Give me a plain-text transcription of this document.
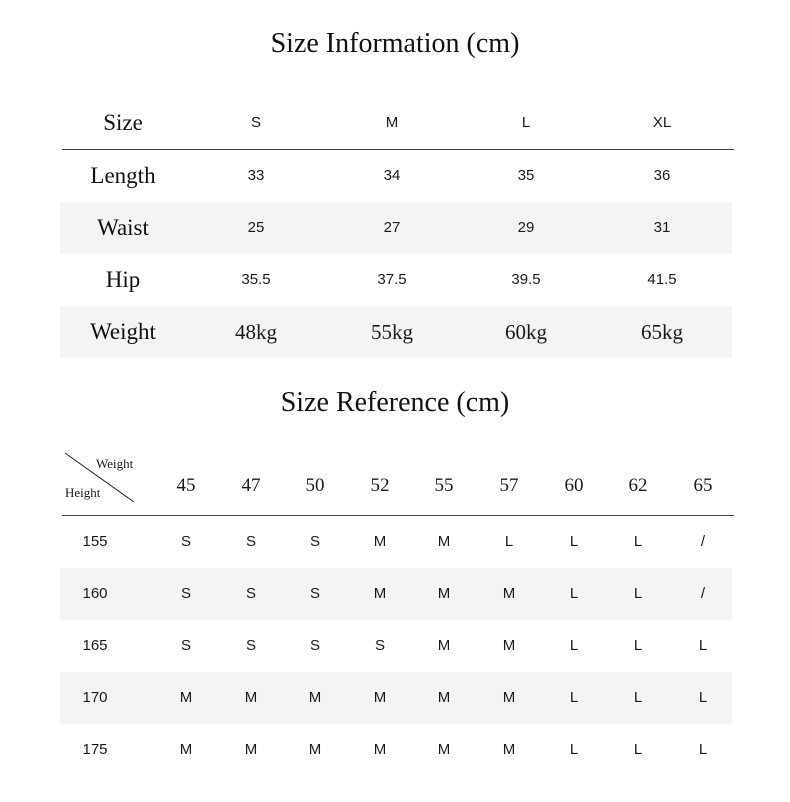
Size Information (cm)
Size	S	M	L	XL
Length	33	34	35	36
Waist	25	27	29	31
Hip	35.5	37.5	39.5	41.5
Weight	48kg	55kg	60kg	65kg
Size Reference (cm)
Weight
Height	45	47	50	52	55	57	60	62	65
155	S	S	S	M	M	L	L	L	/
160	S	S	S	M	M	M	L	L	/
165	S	S	S	S	M	M	L	L	L
170	M	M	M	M	M	M	L	L	L
175	M	M	M	M	M	M	L	L	L
